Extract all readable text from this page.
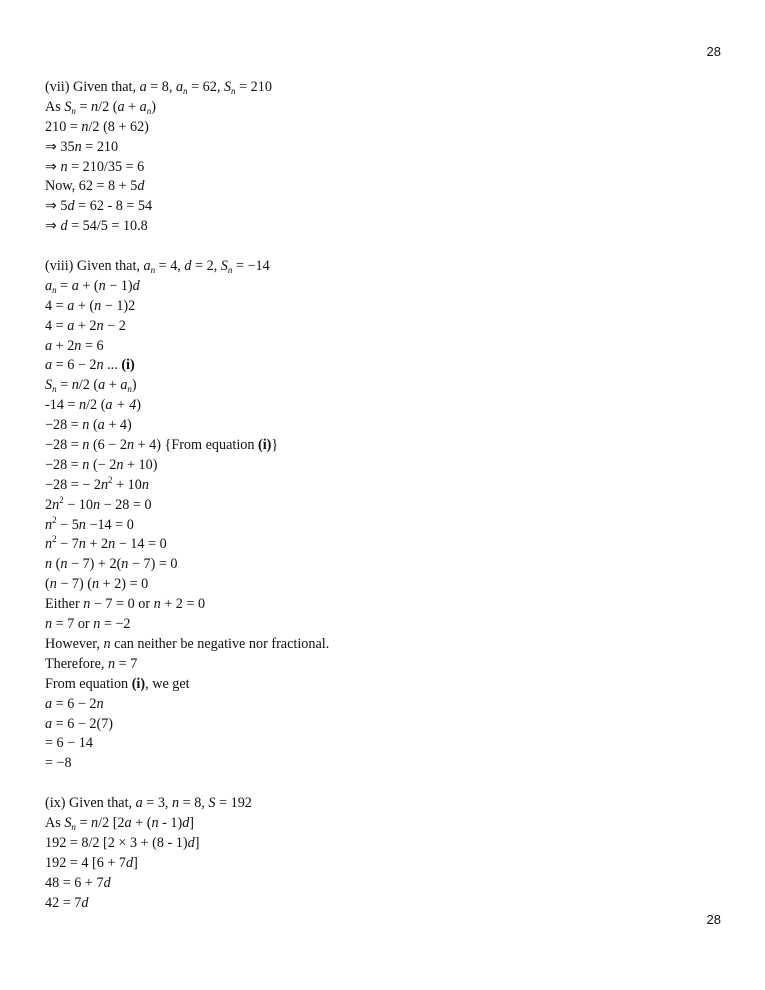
28
(vii) Given that, a = 8, $a_n = 62$, $S_n = 210$
As $S_n = n/2$ $(a + a_n)$
210 = n/2 (8 + 62)
⇒ 35n = 210
⇒ n = 210/35 = 6
Now, 62 = 8 + 5d
⇒ 5d = 62 - 8 = 54
⇒ d = 54/5 = 10.8
(viii) Given that, $a_n = 4$, d = 2, $S_n = -14$
$a_n = a + (n - 1)d$
4 = a + (n − 1)2
4 = a + 2n − 2
a + 2n = 6
a = 6 − 2n ... (i)
$S_n = n/2$ $(a + a_n)$
-14 = n/2 (a + 4)
−28 = n (a + 4)
−28 = n (6 − 2n + 4) {From equation (i)}
−28 = n (− 2n + 10)
−28 = − $2n^2 + 10n$
$2n^2 - 10n - 28 = 0$
$n^2 - 5n -14 = 0$
$n^2 - 7n + 2n - 14 = 0$
n (n − 7) + 2(n − 7) = 0
(n − 7) (n + 2) = 0
Either n − 7 = 0 or n + 2 = 0
n = 7 or n = −2
However, n can neither be negative nor fractional.
Therefore, n = 7
From equation (i), we get
a = 6 − 2n
a = 6 − 2(7)
= 6 − 14
= −8
(ix) Given that, a = 3, n = 8, S = 192
As $S_n = n/2$ [2a + (n - 1)d]
192 = 8/2 [2 × 3 + (8 - 1)d]
192 = 4 [6 + 7d]
48 = 6 + 7d
42 = 7d
28
